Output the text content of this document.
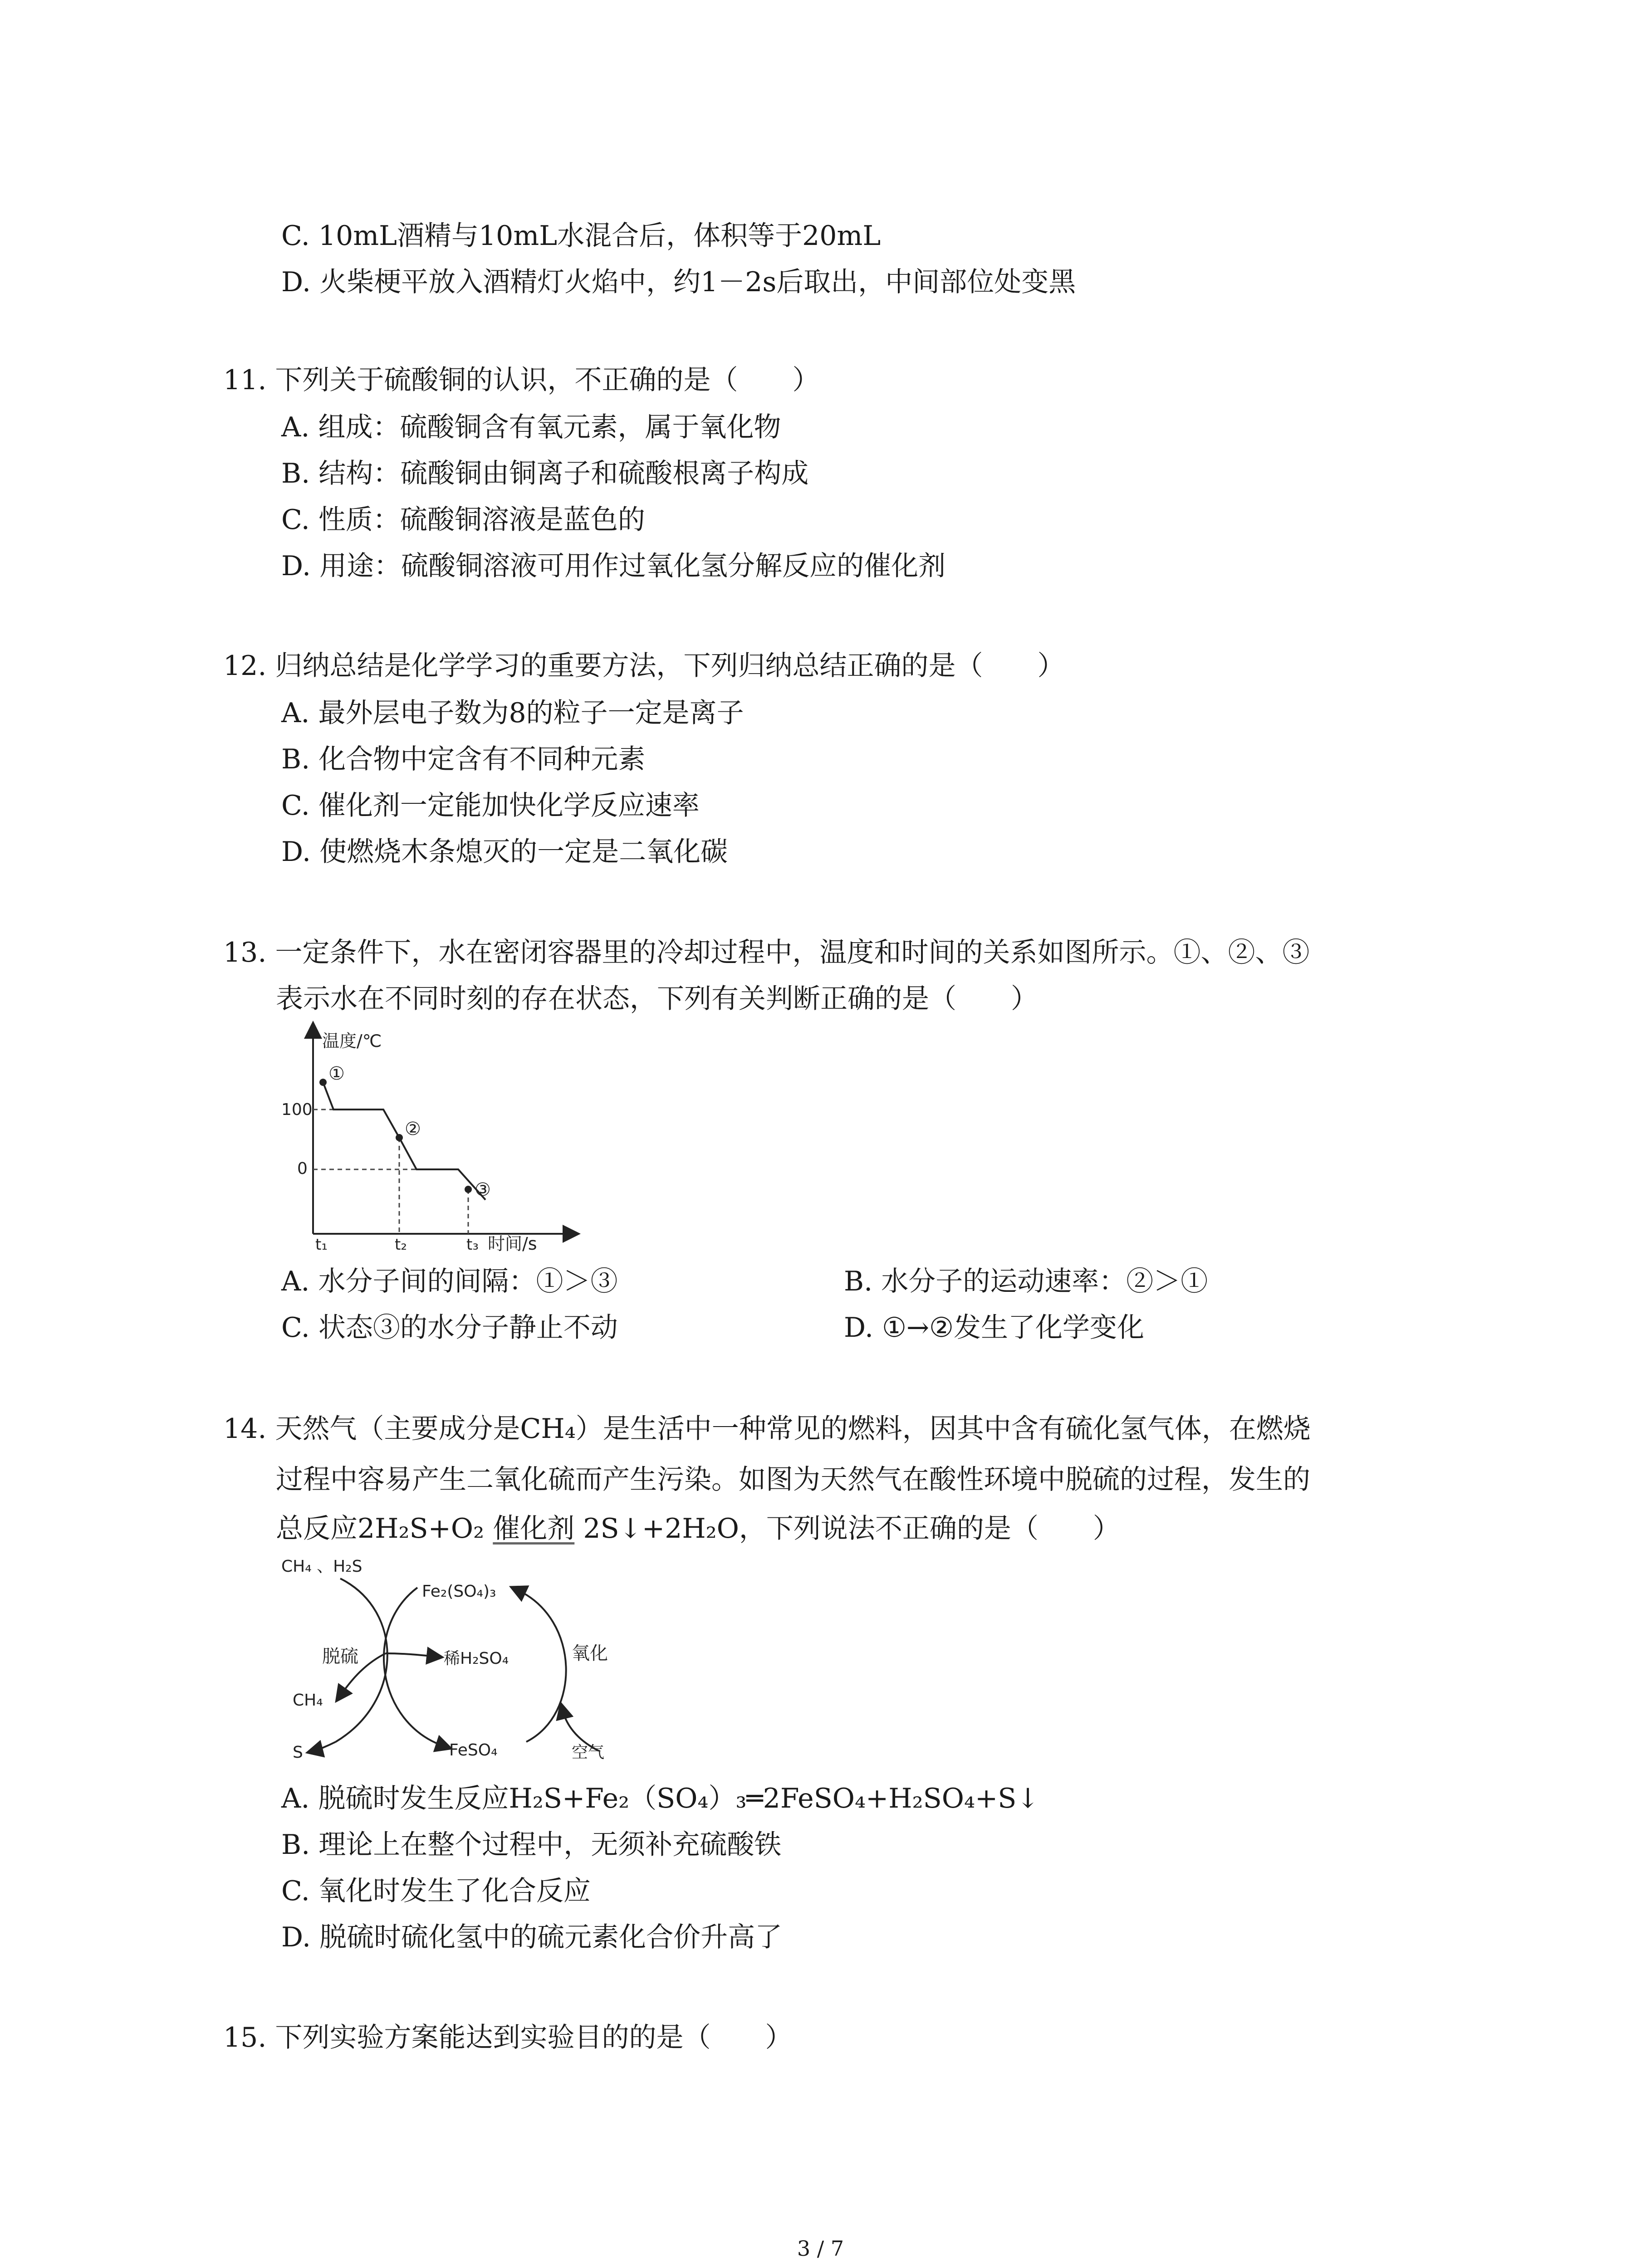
C. 10mL酒精与10mL水混合后，体积等于20mL
D. 火柴梗平放入酒精灯火焰中，约1－2s后取出，中间部位处变黑
11. 下列关于硫酸铜的认识，不正确的是（　　）
A. 组成：硫酸铜含有氧元素，属于氧化物
B. 结构：硫酸铜由铜离子和硫酸根离子构成
C. 性质：硫酸铜溶液是蓝色的
D. 用途：硫酸铜溶液可用作过氧化氢分解反应的催化剂
12. 归纳总结是化学学习的重要方法，下列归纳总结正确的是（　　）
A. 最外层电子数为8的粒子一定是离子
B. 化合物中定含有不同种元素
C. 催化剂一定能加快化学反应速率
D. 使燃烧木条熄灭的一定是二氧化碳
13. 一定条件下，水在密闭容器里的冷却过程中，温度和时间的关系如图所示。①、②、③
表示水在不同时刻的存在状态，下列有关判断正确的是（　　）
温度/℃
时间/s
100
0
t₁	t₂	t₃
①
②
③
A. 水分子间的间隔：①＞③	B. 水分子的运动速率：②＞①
C. 状态③的水分子静止不动	D. ①→②发生了化学变化
14. 天然气（主要成分是CH₄）是生活中一种常见的燃料，因其中含有硫化氢气体，在燃烧
过程中容易产生二氧化硫而产生污染。如图为天然气在酸性环境中脱硫的过程，发生的
总反应2H₂S+O₂ 催化剂 2S↓+2H₂O，下列说法不正确的是（　　）
CH₄ 、H₂S
Fe₂(SO₄)₃
脱硫	稀H₂SO₄	氧化
CH₄
S	FeSO₄	空气
A. 脱硫时发生反应H₂S+Fe₂（SO₄）₃═2FeSO₄+H₂SO₄+S↓
B. 理论上在整个过程中，无须补充硫酸铁
C. 氧化时发生了化合反应
D. 脱硫时硫化氢中的硫元素化合价升高了
15. 下列实验方案能达到实验目的的是（　　）
3 / 7
